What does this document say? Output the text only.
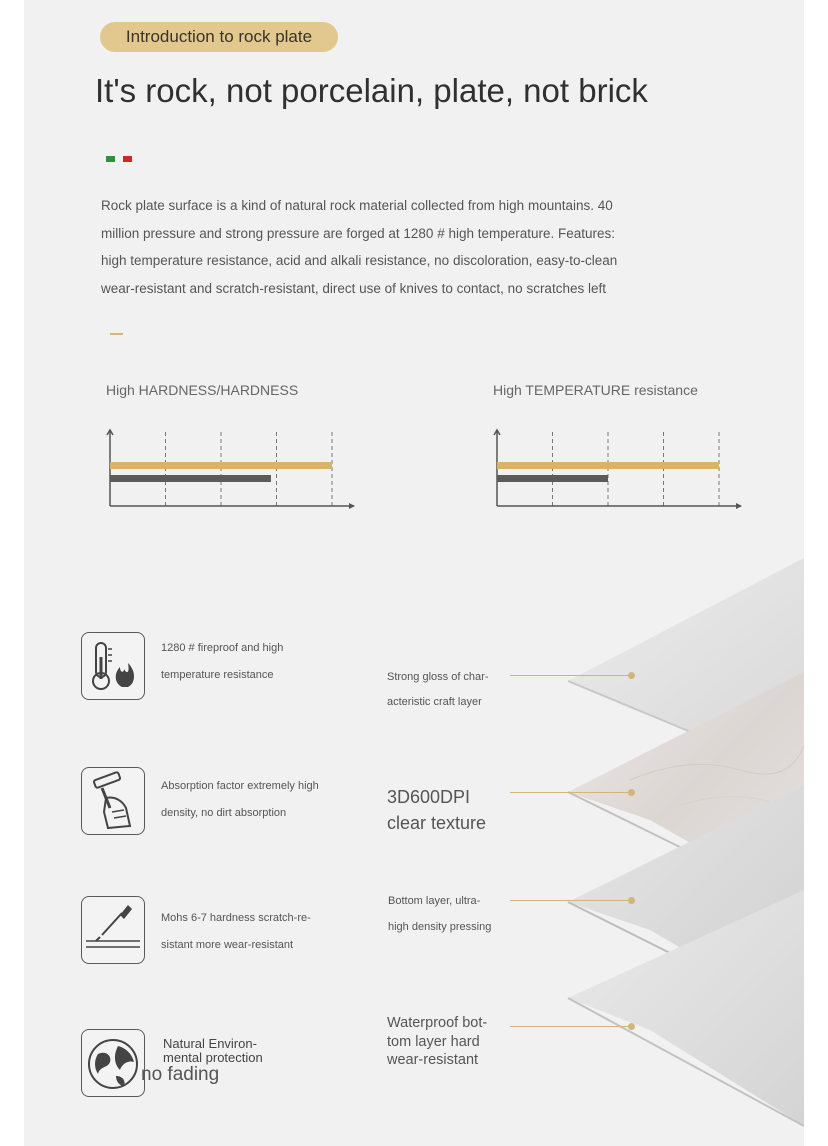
Introduction to rock plate
It's rock, not porcelain, plate, not brick
Rock plate surface is a kind of natural rock material collected from high mountains. 40
million pressure and strong pressure are forged at 1280 # high temperature. Features:
high temperature resistance, acid and alkali resistance, no discoloration, easy-to-clean
wear-resistant and scratch-resistant, direct use of knives to contact, no scratches left
High HARDNESS/HARDNESS	High TEMPERATURE resistance
1280 # fireproof and high
temperature resistance
Absorption factor extremely high
density, no dirt absorption
Mohs 6-7 hardness scratch-re-
sistant more wear-resistant
Natural Environ-
mental protection
no fading
Strong gloss of char-
acteristic craft layer
3D600DPI
clear texture
Bottom layer, ultra-
high density pressing
Waterproof bot-
tom layer hard
wear-resistant
